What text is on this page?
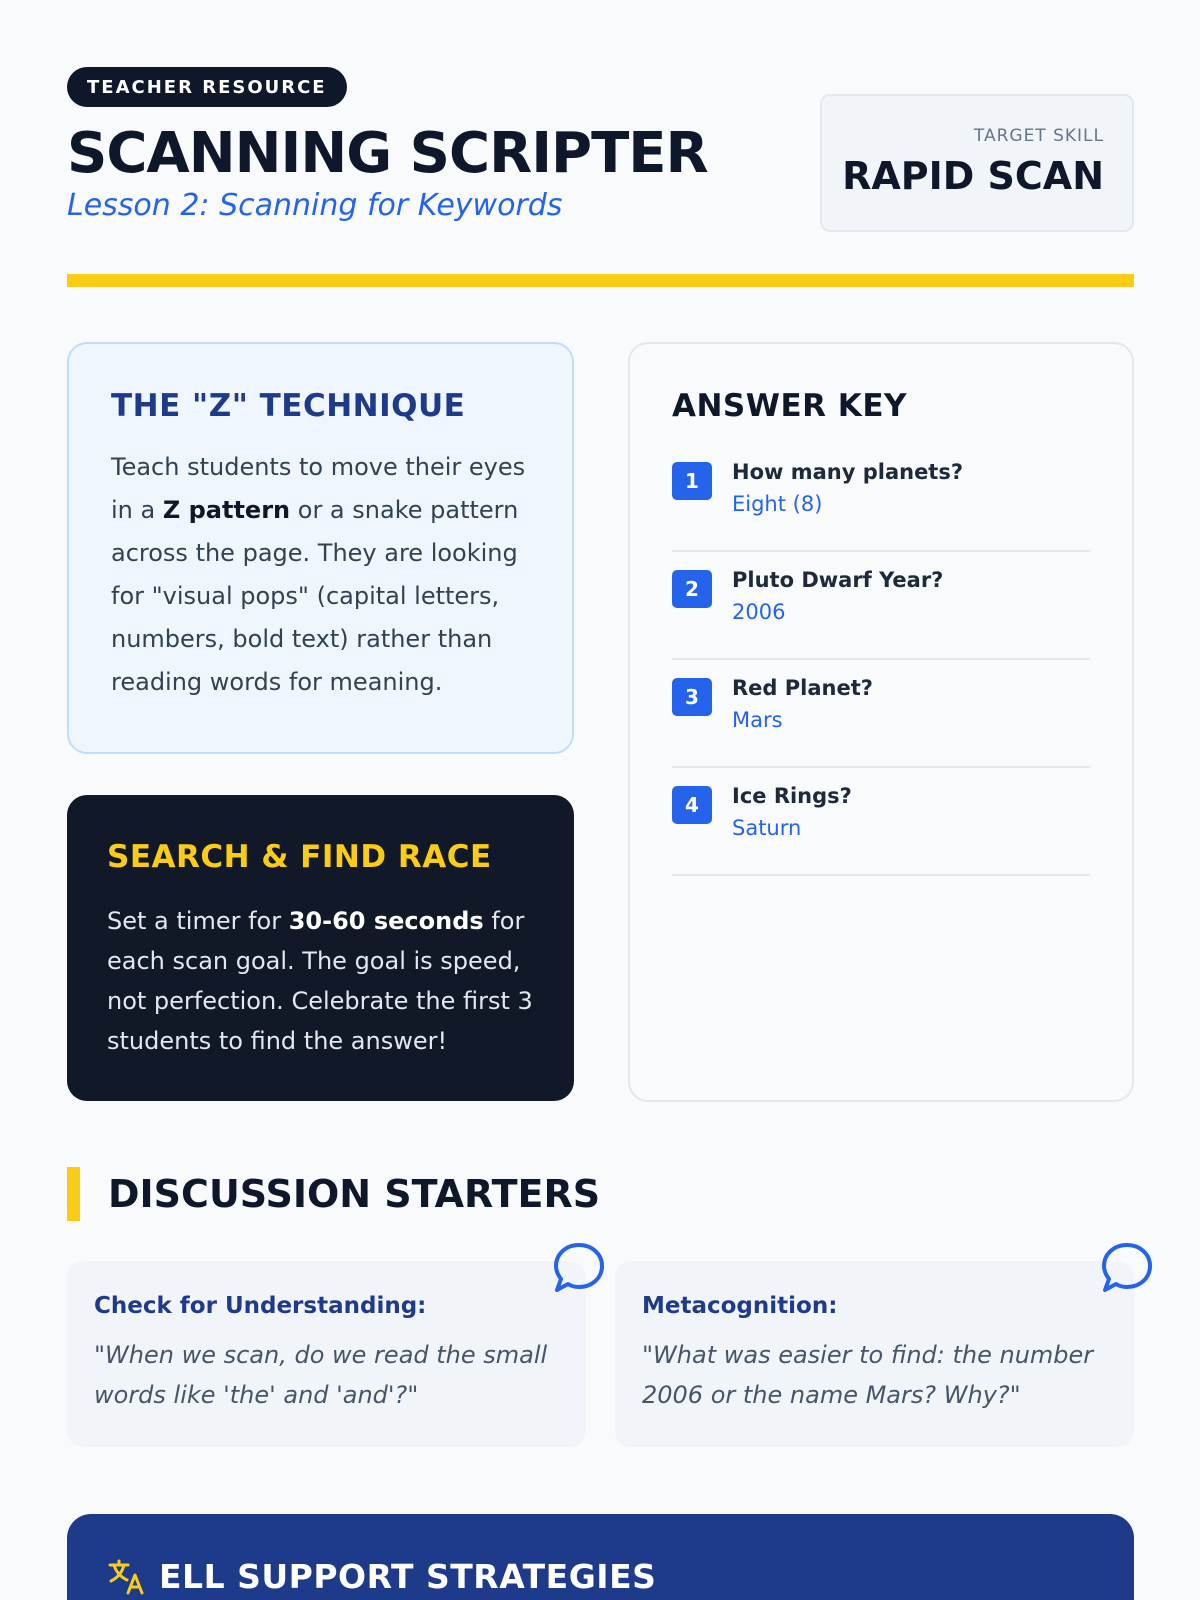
TEACHER RESOURCE
SCANNING SCRIPTER
Lesson 2: Scanning for Keywords
TARGET SKILL
RAPID SCAN
THE "Z" TECHNIQUE

Teach students to move their eyes in a Z pattern or a snake pattern across the page. They are looking for "visual pops" (capital letters, numbers, bold text) rather than reading words for meaning.

SEARCH & FIND RACE

Set a timer for 30-60 seconds for each scan goal. The goal is speed, not perfection. Celebrate the first 3 students to find the answer!

ANSWER KEY
1	How many planets?
Eight (8)
2	Pluto Dwarf Year?
2006
3	Red Planet?
Mars
4	Ice Rings?
Saturn
DISCUSSION STARTERS
Check for Understanding:
"When we scan, do we read the small words like 'the' and 'and'?"
Metacognition:
"What was easier to find: the number 2006 or the name Mars? Why?"
ELL SUPPORT STRATEGIES
